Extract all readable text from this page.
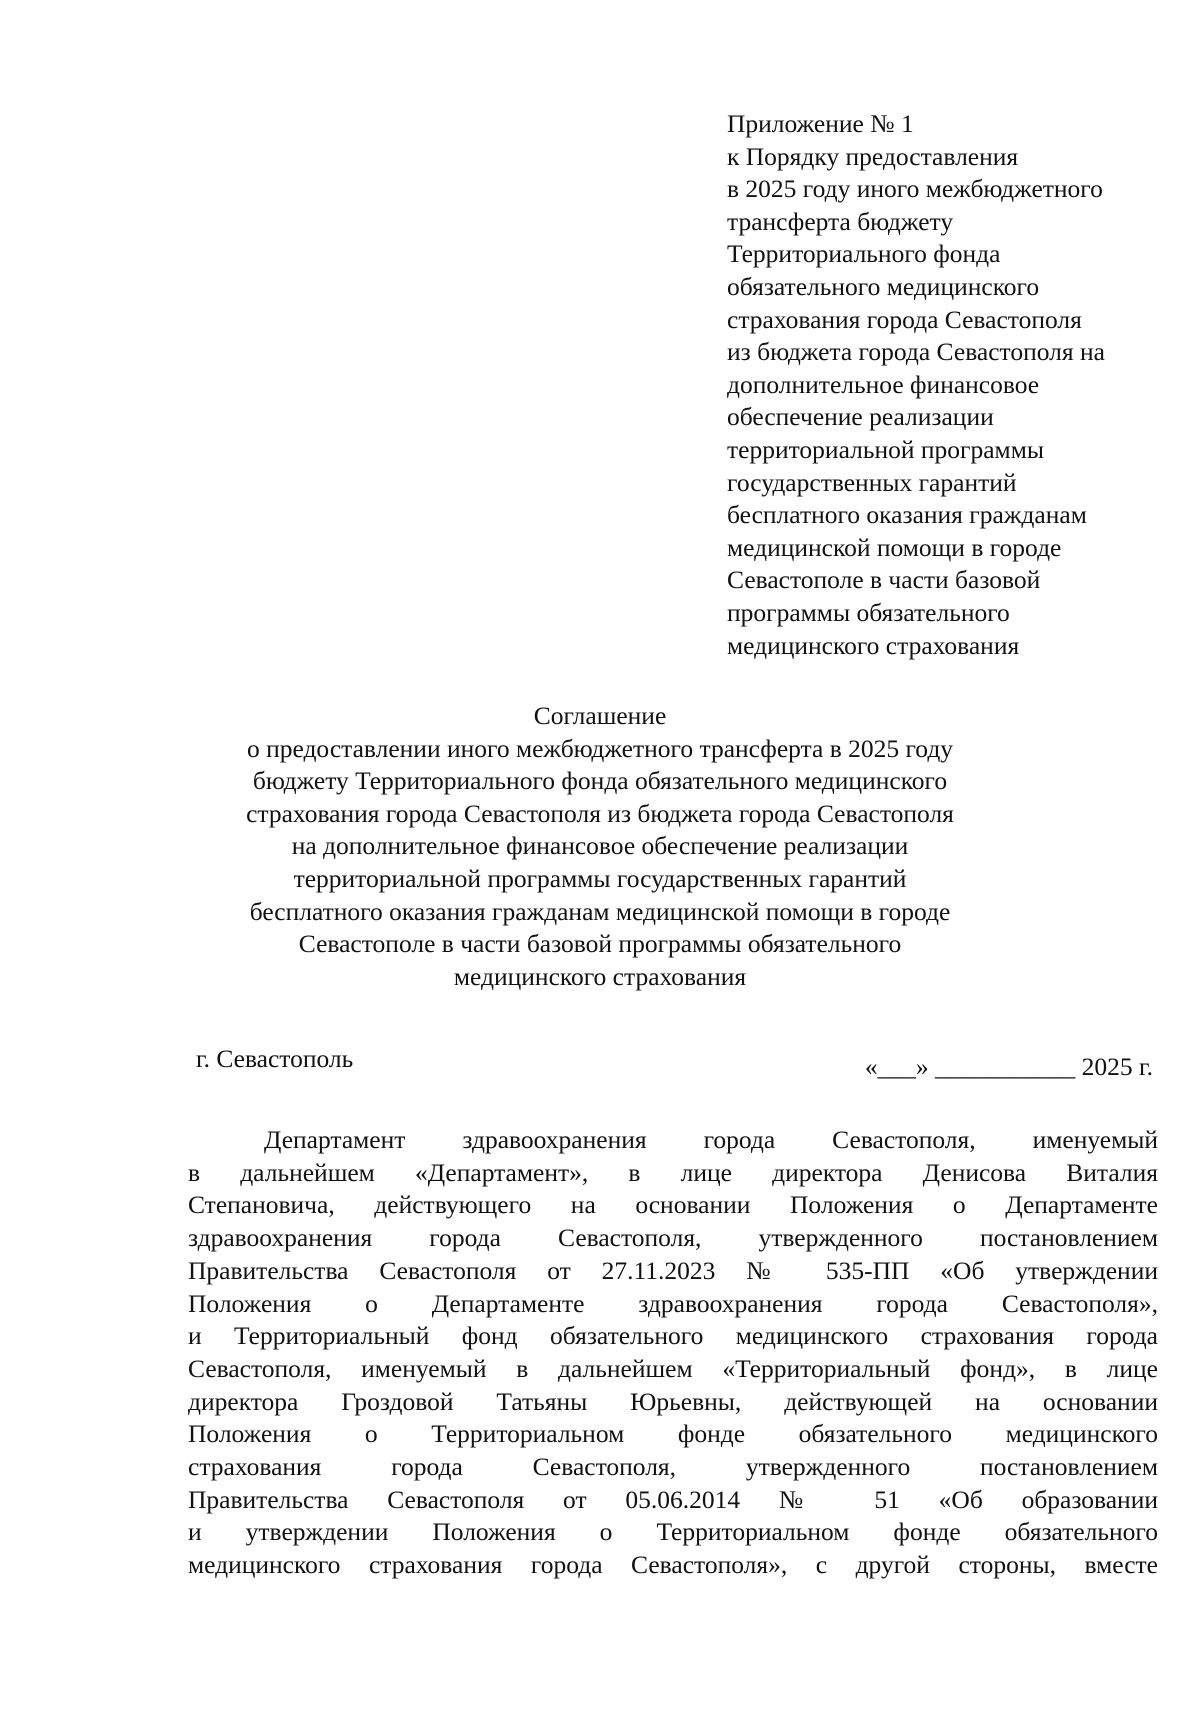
Приложение № 1
к Порядку предоставления
в 2025 году иного межбюджетного
трансферта бюджету
Территориального фонда
обязательного медицинского
страхования города Севастополя
из бюджета города Севастополя на
дополнительное финансовое
обеспечение реализации
территориальной программы
государственных гарантий
бесплатного оказания гражданам
медицинской помощи в городе
Севастополе в части базовой
программы обязательного
медицинского страхования
Соглашение
о предоставлении иного межбюджетного трансферта в 2025 году
бюджету Территориального фонда обязательного медицинского
страхования города Севастополя из бюджета города Севастополя
на дополнительное финансовое обеспечение реализации
территориальной программы государственных гарантий
бесплатного оказания гражданам медицинской помощи в городе
Севастополе в части базовой программы обязательного
медицинского страхования
г. Севастополь	«___» ___________ 2025 г.
Департамент здравоохранения города Севастополя, именуемый
в дальнейшем «Департамент», в лице директора Денисова Виталия
Степановича, действующего на основании Положения о Департаменте
здравоохранения города Севастополя, утвержденного постановлением
Правительства Севастополя от 27.11.2023 № 535-ПП «Об утверждении
Положения о Департаменте здравоохранения города Севастополя»,
и Территориальный фонд обязательного медицинского страхования города
Севастополя, именуемый в дальнейшем «Территориальный фонд», в лице
директора Гроздовой Татьяны Юрьевны, действующей на основании
Положения о Территориальном фонде обязательного медицинского
страхования города Севастополя, утвержденного постановлением
Правительства Севастополя от 05.06.2014 № 51 «Об образовании
и утверждении Положения о Территориальном фонде обязательного
медицинского страхования города Севастополя», с другой стороны, вместе
